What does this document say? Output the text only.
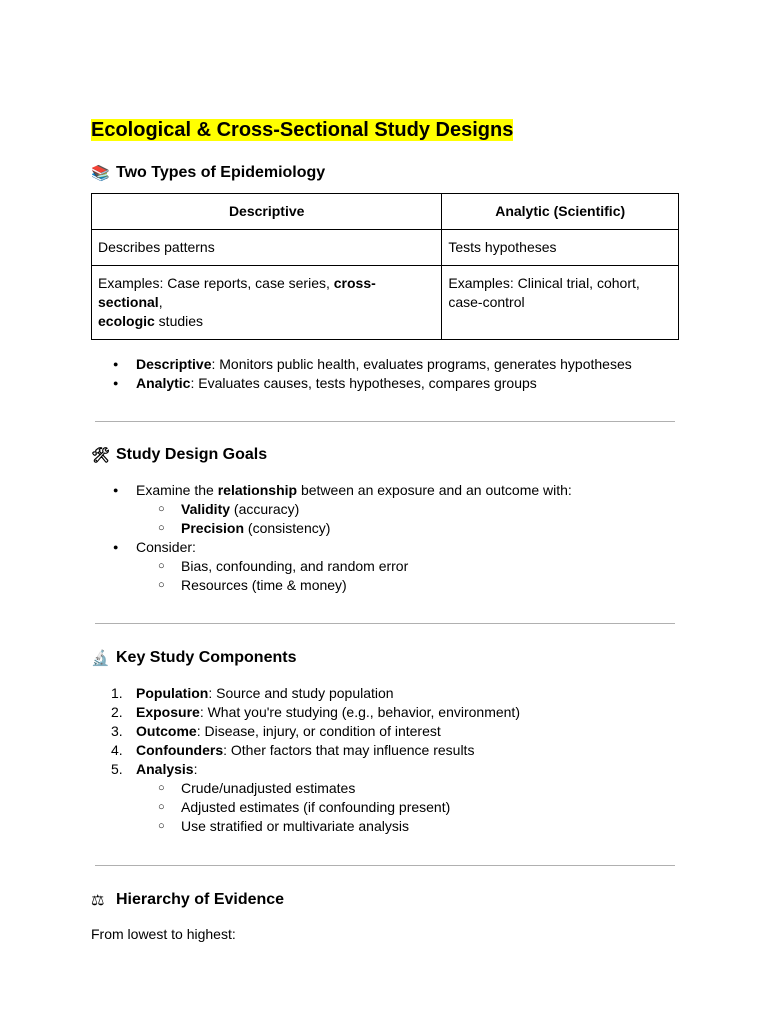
Ecological & Cross-Sectional Study Designs
📚 Two Types of Epidemiology
Descriptive	Analytic (Scientific)
Describes patterns	Tests hypotheses
Examples: Case reports, case series, cross-sectional,
ecologic studies	Examples: Clinical trial, cohort, case-control
● Descriptive: Monitors public health, evaluates programs, generates hypotheses
● Analytic: Evaluates causes, tests hypotheses, compares groups
🛠 Study Design Goals
● Examine the relationship between an exposure and an outcome with:
○ Validity (accuracy)
○ Precision (consistency)
● Consider:
○ Bias, confounding, and random error
○ Resources (time & money)
🔬 Key Study Components
1. Population: Source and study population
2. Exposure: What you're studying (e.g., behavior, environment)
3. Outcome: Disease, injury, or condition of interest
4. Confounders: Other factors that may influence results
5. Analysis:
○ Crude/unadjusted estimates
○ Adjusted estimates (if confounding present)
○ Use stratified or multivariate analysis
⚖ Hierarchy of Evidence

From lowest to highest:
